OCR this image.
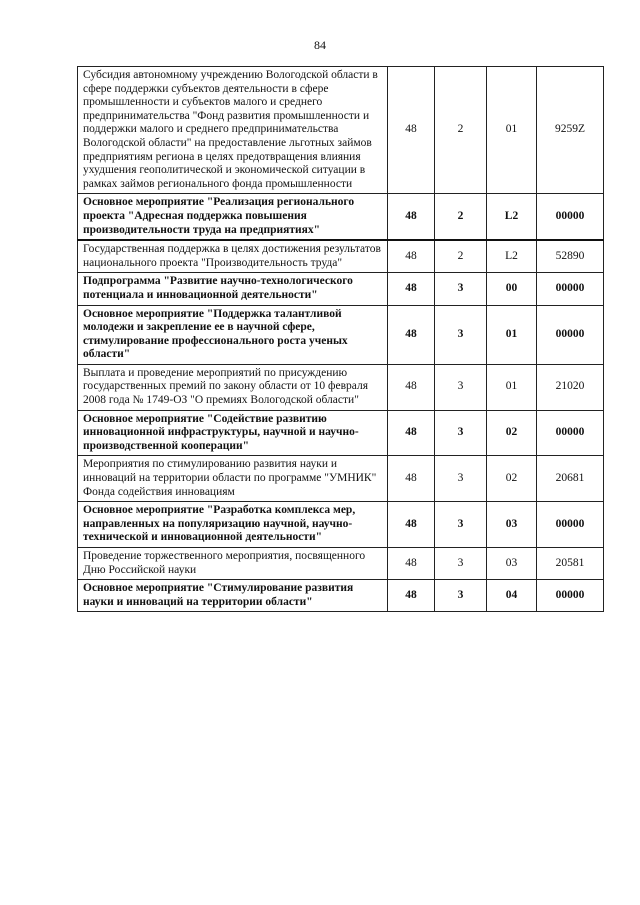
84
Субсидия автономному учреждению Вологодской области в сфере поддержки субъектов деятельности в сфере промышленности и субъектов малого и среднего предпринимательства "Фонд развития промышленности и поддержки малого и среднего предпринимательства Вологодской области" на предоставление льготных займов предприятиям региона в целях предотвращения влияния ухудшения геополитической и экономической ситуации в рамках займов регионального фонда промышленности	48	2	01	9259Z
Основное мероприятие "Реализация регионального проекта "Адресная поддержка повышения производительности труда на предприятиях"	48	2	L2	00000
Государственная поддержка в целях достижения результатов национального проекта "Производительность труда"	48	2	L2	52890
Подпрограмма "Развитие научно-технологического потенциала и инновационной деятельности"	48	3	00	00000
Основное мероприятие "Поддержка талантливой молодежи и закрепление ее в научной сфере, стимулирование профессионального роста ученых области"	48	3	01	00000
Выплата и проведение мероприятий по присуждению государственных премий по закону области от 10 февраля 2008 года № 1749-ОЗ "О премиях Вологодской области"	48	3	01	21020
Основное мероприятие "Содействие развитию инновационной инфраструктуры, научной и научно-производственной кооперации"	48	3	02	00000
Мероприятия по стимулированию развития науки и инноваций на территории области по программе "УМНИК" Фонда содействия инновациям	48	3	02	20681
Основное мероприятие "Разработка комплекса мер, направленных на популяризацию научной, научно-технической и инновационной деятельности"	48	3	03	00000
Проведение торжественного мероприятия, посвященного Дню Российской науки	48	3	03	20581
Основное мероприятие "Стимулирование развития науки и инноваций на территории области"	48	3	04	00000
